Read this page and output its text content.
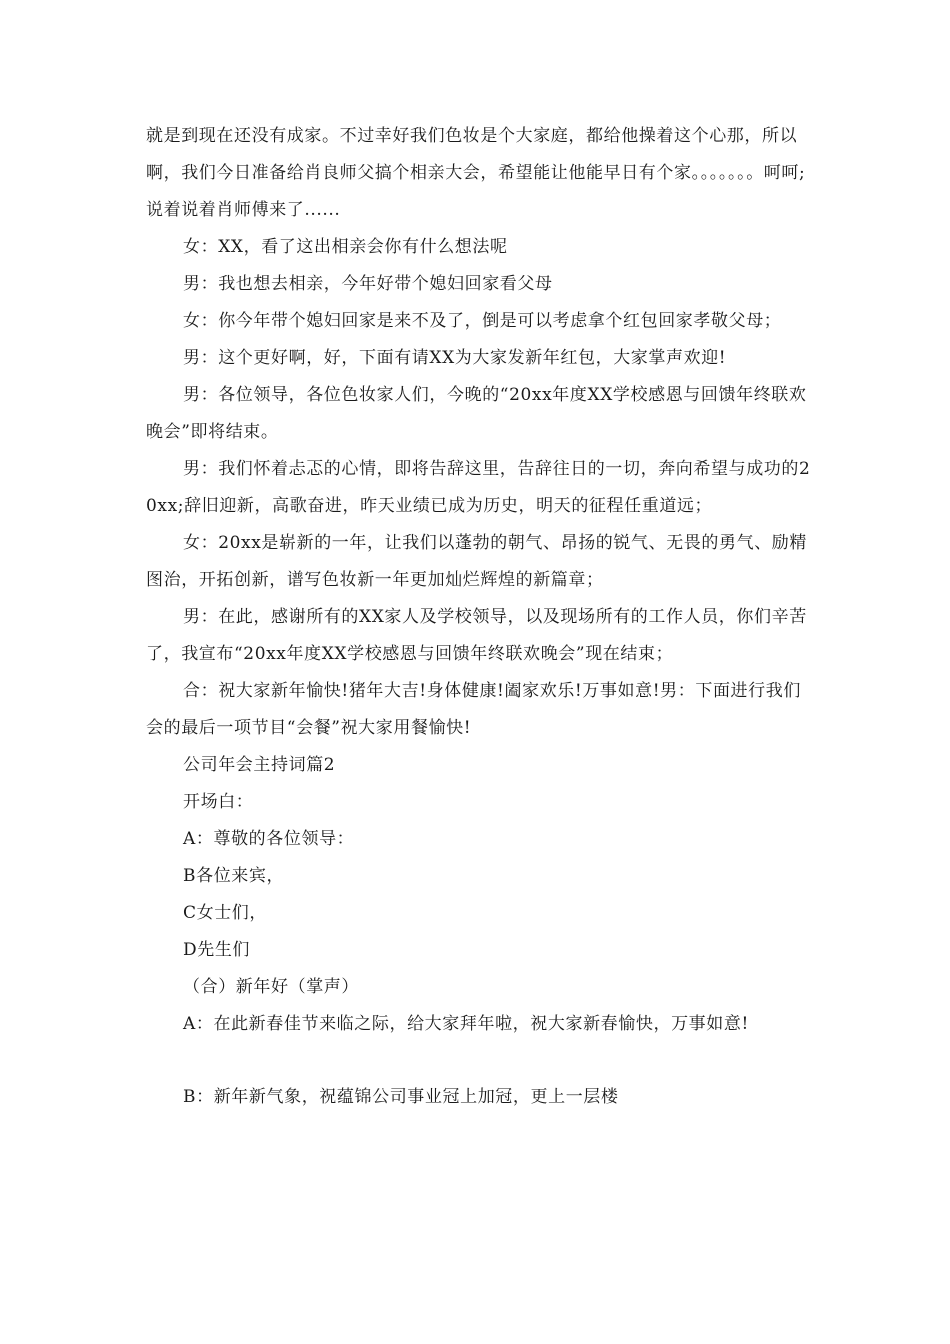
就是到现在还没有成家。不过幸好我们色妆是个大家庭，都给他操着这个心那，所以啊，我们今日准备给肖良师父搞个相亲大会，希望能让他能早日有个家。。。。。。。呵呵;说着说着肖师傅来了......

女：XX，看了这出相亲会你有什么想法呢

男：我也想去相亲，今年好带个媳妇回家看父母

女：你今年带个媳妇回家是来不及了，倒是可以考虑拿个红包回家孝敬父母；

男：这个更好啊，好，下面有请XX为大家发新年红包，大家掌声欢迎!

男：各位领导，各位色妆家人们，今晚的“20xx年度XX学校感恩与回馈年终联欢晚会”即将结束。

男：我们怀着忐忑的心情，即将告辞这里，告辞往日的一切，奔向希望与成功的20xx;辞旧迎新，高歌奋进，昨天业绩已成为历史，明天的征程任重道远；

女：20xx是崭新的一年，让我们以蓬勃的朝气、昂扬的锐气、无畏的勇气、励精图治，开拓创新，谱写色妆新一年更加灿烂辉煌的新篇章；

男：在此，感谢所有的XX家人及学校领导，以及现场所有的工作人员，你们辛苦了，我宣布“20xx年度XX学校感恩与回馈年终联欢晚会”现在结束；

合：祝大家新年愉快!猪年大吉!身体健康!阖家欢乐!万事如意!男：下面进行我们会的最后一项节目“会餐”祝大家用餐愉快!

公司年会主持词篇2

开场白：

A：尊敬的各位领导：

B各位来宾，

C女士们，

D先生们

（合）新年好（掌声）

A：在此新春佳节来临之际，给大家拜年啦，祝大家新春愉快，万事如意!

B：新年新气象，祝蕴锦公司事业冠上加冠，更上一层楼
